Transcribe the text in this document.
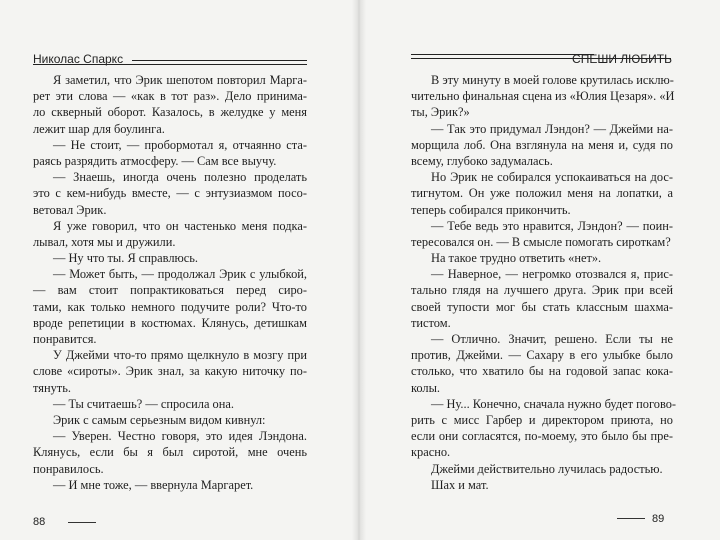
Николас Спаркс
Я заметил, что Эрик шепотом повторил Марга-
рет эти слова — «как в тот раз». Дело принима-
ло скверный оборот. Казалось, в желудке у меня
лежит шар для боулинга.
— Не стоит, — пробормотал я, отчаянно ста-
раясь разрядить атмосферу. — Сам все выучу.
— Знаешь, иногда очень полезно проделать
это с кем-нибудь вместе, — с энтузиазмом посо-
ветовал Эрик.
Я уже говорил, что он частенько меня подка-
лывал, хотя мы и дружили.
— Ну что ты. Я справлюсь.
— Может быть, — продолжал Эрик с улыбкой,
— вам стоит попрактиковаться перед сиро-
тами, как только немного подучите роли? Что-то
вроде репетиции в костюмах. Клянусь, детишкам
понравится.
У Джейми что-то прямо щелкнуло в мозгу при
слове «сироты». Эрик знал, за какую ниточку по-
тянуть.
— Ты считаешь? — спросила она.
Эрик с самым серьезным видом кивнул:
— Уверен. Честно говоря, это идея Лэндона.
Клянусь, если бы я был сиротой, мне очень
понравилось.
— И мне тоже, — ввернула Маргарет.
88
СПЕШИ ЛЮБИТЬ
В эту минуту в моей голове крутилась исклю-
чительно финальная сцена из «Юлия Цезаря». «И
ты, Эрик?»
— Так это придумал Лэндон? — Джейми на-
морщила лоб. Она взглянула на меня и, судя по
всему, глубоко задумалась.
Но Эрик не собирался успокаиваться на дос-
тигнутом. Он уже положил меня на лопатки, а
теперь собирался прикончить.
— Тебе ведь это нравится, Лэндон? — поин-
тересовался он. — В смысле помогать сироткам?
На такое трудно ответить «нет».
— Наверное, — негромко отозвался я, прис-
тально глядя на лучшего друга. Эрик при всей
своей тупости мог бы стать классным шахма-
тистом.
— Отлично. Значит, решено. Если ты не
против, Джейми. — Сахару в его улыбке было
столько, что хватило бы на годовой запас кока-
колы.
— Ну... Конечно, сначала нужно будет погово-
рить с мисс Гарбер и директором приюта, но
если они согласятся, по-моему, это было бы пре-
красно.
Джейми действительно лучилась радостью.
Шах и мат.
89
